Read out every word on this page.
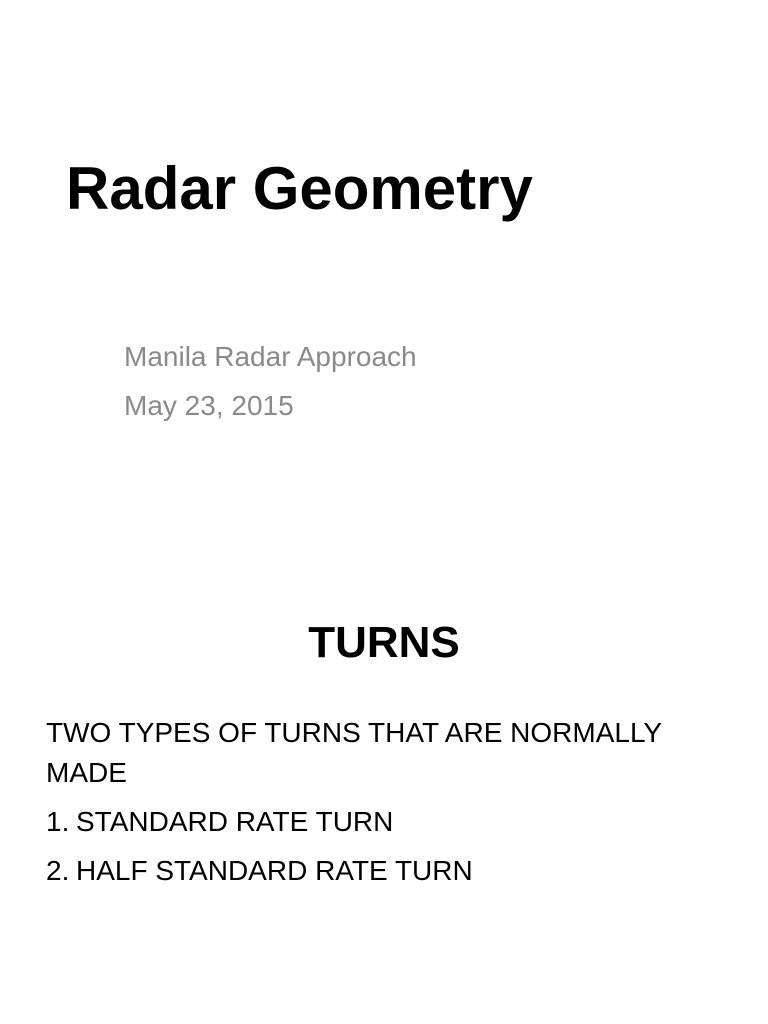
Radar Geometry
Manila Radar Approach
May 23, 2015
TURNS

TWO TYPES OF TURNS THAT ARE NORMALLY MADE

1. STANDARD RATE TURN
2. HALF STANDARD RATE TURN
